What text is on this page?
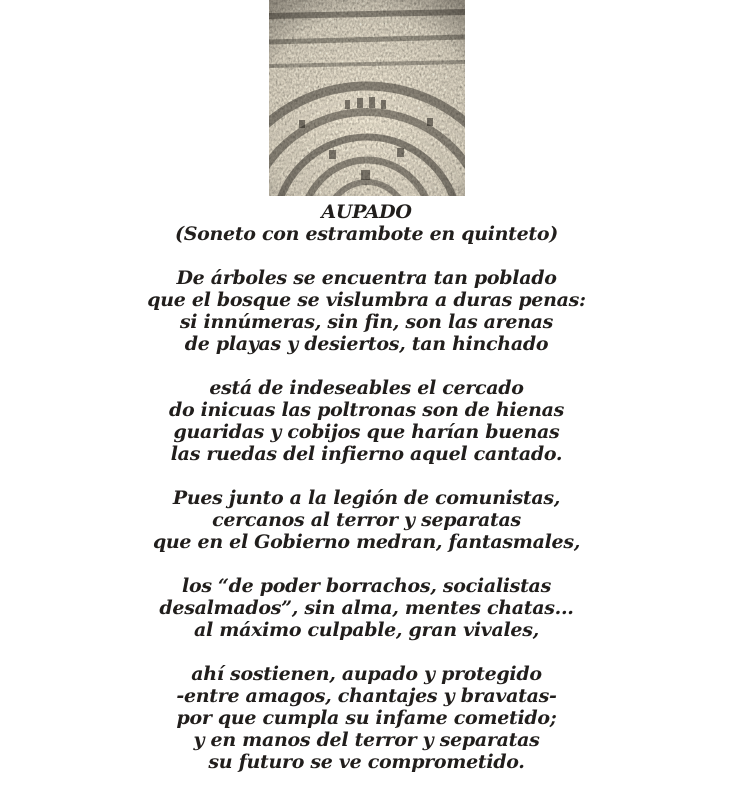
AUPADO
(Soneto con estrambote en quinteto)

De árboles se encuentra tan poblado

que el bosque se vislumbra a duras penas:

si innúmeras, sin fin, son las arenas

de playas y desiertos, tan hinchado

está de indeseables el cercado

do inicuas las poltronas son de hienas

guaridas y cobijos que harían buenas

las ruedas del infierno aquel cantado.

Pues junto a la legión de comunistas,

cercanos al terror y separatas

que en el Gobierno medran, fantasmales,

los “de poder borrachos, socialistas

desalmados”, sin alma, mentes chatas...

al máximo culpable, gran vivales,

ahí sostienen, aupado y protegido

-entre amagos, chantajes y bravatas-

por que cumpla su infame cometido;

y en manos del terror y separatas

su futuro se ve comprometido.
